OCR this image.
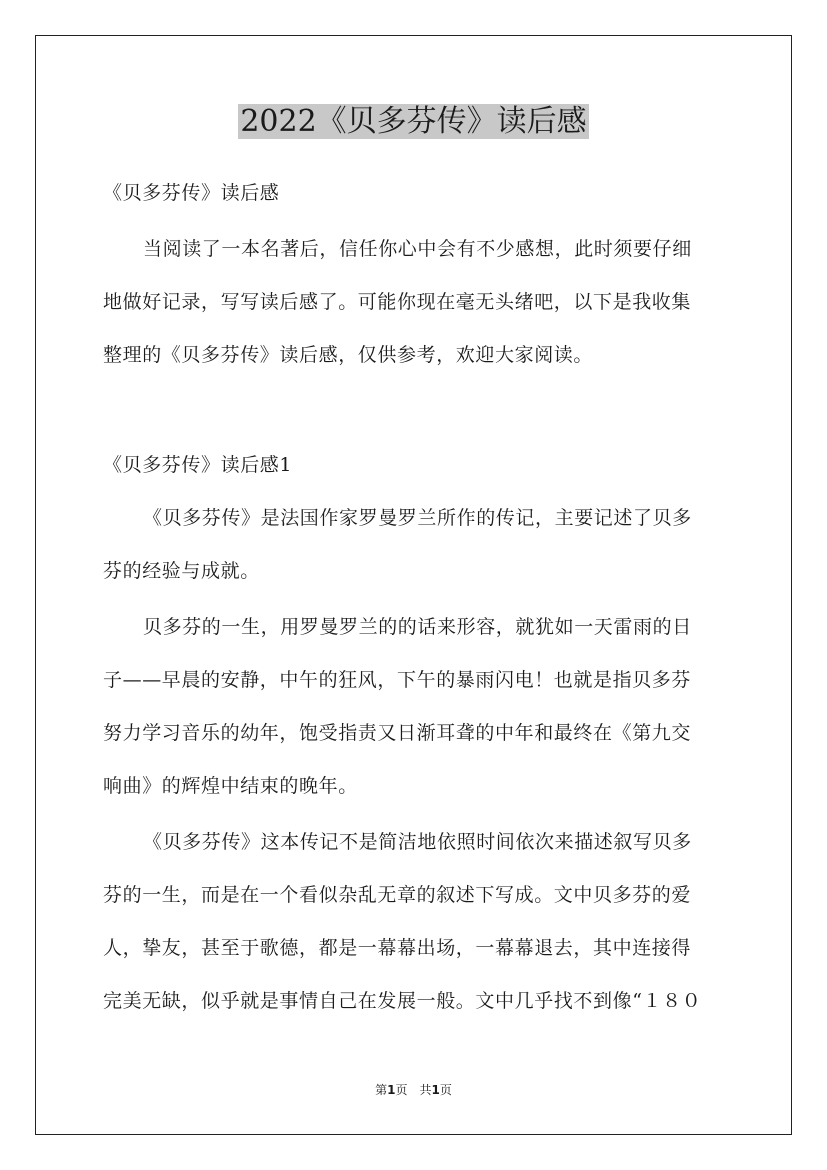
2022《贝多芬传》读后感
《贝多芬传》读后感
当阅读了一本名著后，信任你心中会有不少感想，此时须要仔细
地做好记录，写写读后感了。可能你现在毫无头绪吧，以下是我收集
整理的《贝多芬传》读后感，仅供参考，欢迎大家阅读。
《贝多芬传》读后感1
《贝多芬传》是法国作家罗曼罗兰所作的传记，主要记述了贝多
芬的经验与成就。
贝多芬的一生，用罗曼罗兰的的话来形容，就犹如一天雷雨的日
子——早晨的安静，中午的狂风，下午的暴雨闪电！也就是指贝多芬
努力学习音乐的幼年，饱受指责又日渐耳聋的中年和最终在《第九交
响曲》的辉煌中结束的晚年。
《贝多芬传》这本传记不是简洁地依照时间依次来描述叙写贝多
芬的一生，而是在一个看似杂乱无章的叙述下写成。文中贝多芬的爱
人，挚友，甚至于歌德，都是一幕幕出场，一幕幕退去，其中连接得
完美无缺，似乎就是事情自己在发展一般。文中几乎找不到像“１８０
第1页　共1页
